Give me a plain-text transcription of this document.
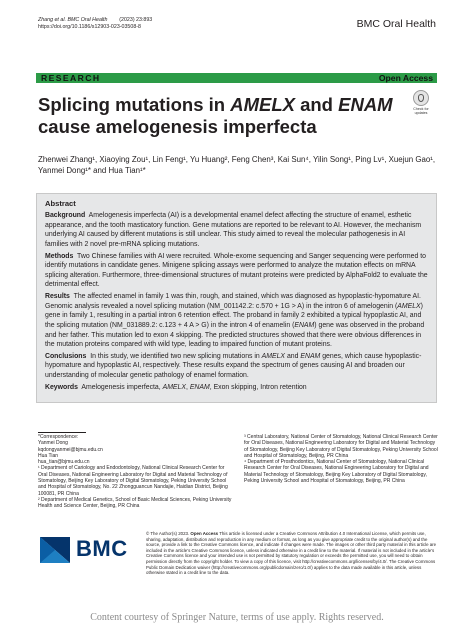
Zhang et al. BMC Oral Health (2023) 23:893
https://doi.org/10.1186/s12903-023-03508-8	BMC Oral Health
RESEARCH	Open Access
Splicing mutations in AMELX and ENAM cause amelogenesis imperfecta
Check for updates
Zhenwei Zhang¹, Xiaoying Zou¹, Lin Feng¹, Yu Huang², Feng Chen³, Kai Sun⁴, Yilin Song¹, Ping Lv¹, Xuejun Gao¹, Yanmei Dong¹* and Hua Tian¹*
Abstract

Background Amelogenesis imperfecta (AI) is a developmental enamel defect affecting the structure of enamel, esthetic appearance, and the tooth masticatory function. Gene mutations are reported to be relevant to AI. However, the mechanism underlying AI caused by different mutations is still unclear. This study aimed to reveal the molecular pathogenesis in AI families with 2 novel pre-mRNA splicing mutations.

Methods Two Chinese families with AI were recruited. Whole-exome sequencing and Sanger sequencing were performed to identify mutations in candidate genes. Minigene splicing assays were performed to analyze the mutation effects on mRNA splicing alteration. Furthermore, three-dimensional structures of mutant proteins were predicted by AlphaFold2 to evaluate the detrimental effect.

Results The affected enamel in family 1 was thin, rough, and stained, which was diagnosed as hypoplastic-hypomature AI. Genomic analysis revealed a novel splicing mutation (NM_001142.2: c.570 + 1G > A) in the intron 6 of amelogenin (AMELX) gene in family 1, resulting in a partial intron 6 retention effect. The proband in family 2 exhibited a typical hypoplastic AI, and the splicing mutation (NM_031889.2: c.123 + 4 A > G) in the intron 4 of enamelin (ENAM) gene was observed in the proband and her father. This mutation led to exon 4 skipping. The predicted structures showed that there were obvious differences in the mutation proteins compared with wild type, leading to impaired function of mutant proteins.

Conclusions In this study, we identified two new splicing mutations in AMELX and ENAM genes, which cause hypoplastic-hypomature and hypoplastic AI, respectively. These results expand the spectrum of genes causing AI and broaden our understanding of molecular genetic pathology of enamel formation.

Keywords Amelogenesis imperfecta, AMELX, ENAM, Exon skipping, Intron retention

*Correspondence:
Yanmei Dong
kqdongyanmei@bjmu.edu.cn
Hua Tian
hua_tian@bjmu.edu.cn
¹ Department of Cariology and Endodontology, National Clinical Research Center for Oral Diseases, National Engineering Laboratory for Digital and Material Technology of Stomatology, Beijing Key Laboratory of Digital Stomatology, Peking University School and Hospital of Stomatology, No. 22 Zhongguancun Nandajie, Haidian District, Beijing 100081, PR China
² Department of Medical Genetics, School of Basic Medical Sciences, Peking University Health and Science Center, Beijing, PR China
³ Central Laboratory, National Center of Stomatology, National Clinical Research Center for Oral Diseases, National Engineering Laboratory for Digital and Material Technology of Stomatology, Beijing Key Laboratory of Digital Stomatology, Peking University School and Hospital of Stomatology, Beijing, PR China
⁴ Department of Prosthodontics, National Center of Stomatology, National Clinical Research Center for Oral Diseases, National Engineering Laboratory for Digital and Material Technology of Stomatology, Beijing Key Laboratory of Digital Stomatology, Peking University School and Hospital of Stomatology, Beijing, PR China
BMC
© The Author(s) 2023. Open Access This article is licensed under a Creative Commons Attribution 4.0 International License, which permits use, sharing, adaptation, distribution and reproduction in any medium or format, as long as you give appropriate credit to the original author(s) and the source, provide a link to the Creative Commons licence, and indicate if changes were made. The images or other third party material in this article are included in the article's Creative Commons licence, unless indicated otherwise in a credit line to the material. If material is not included in the article's Creative Commons licence and your intended use is not permitted by statutory regulation or exceeds the permitted use, you will need to obtain permission directly from the copyright holder. To view a copy of this licence, visit http://creativecommons.org/licenses/by/4.0/. The Creative Commons Public Domain Dedication waiver (http://creativecommons.org/publicdomain/zero/1.0/) applies to the data made available in this article, unless otherwise stated in a credit line to the data.
Content courtesy of Springer Nature, terms of use apply. Rights reserved.
